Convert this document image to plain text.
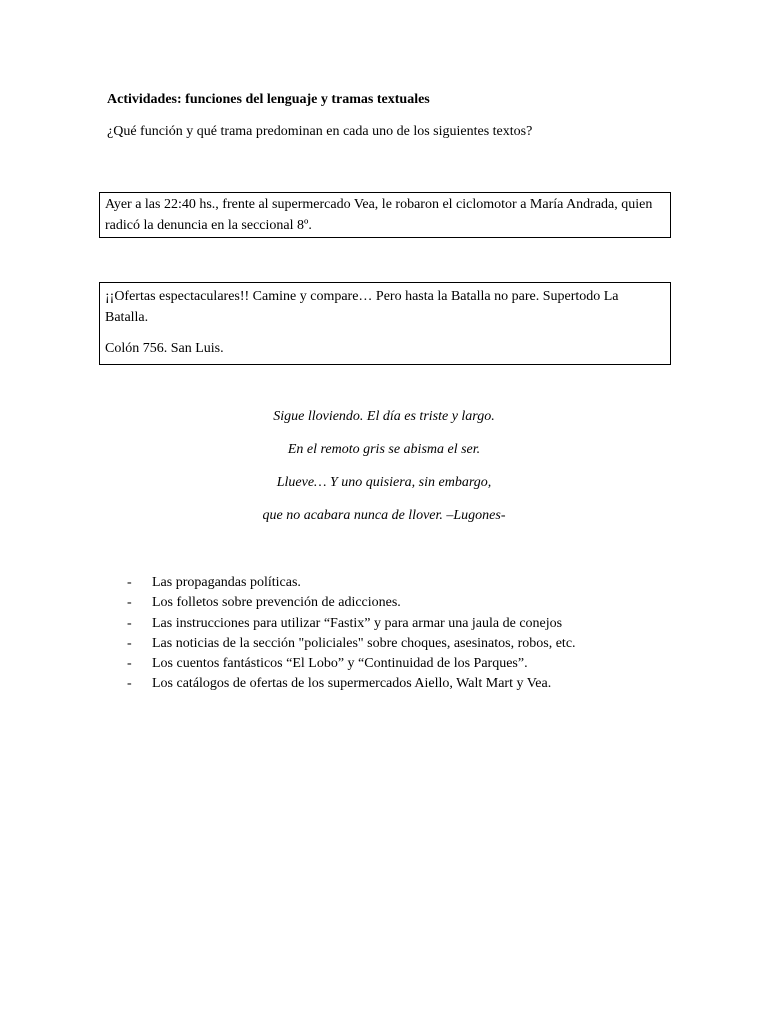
Actividades: funciones del lenguaje y tramas textuales

¿Qué función y qué trama predominan en cada uno de los siguientes textos?

Ayer a las 22:40 hs., frente al supermercado Vea, le robaron el ciclomotor a María Andrada, quien radicó la denuncia en la seccional 8º.

¡¡Ofertas espectaculares!! Camine y compare… Pero hasta la Batalla no pare. Supertodo La Batalla.

Colón 756. San Luis.

Sigue lloviendo. El día es triste y largo.

En el remoto gris se abisma el ser.

Llueve… Y uno quisiera, sin embargo,

que no acabara nunca de llover. –Lugones-

- Las propagandas políticas.
- Los folletos sobre prevención de adicciones.
- Las instrucciones para utilizar “Fastix” y para armar una jaula de conejos
- Las noticias de la sección "policiales" sobre choques, asesinatos, robos, etc.
- Los cuentos fantásticos “El Lobo” y “Continuidad de los Parques”.
- Los catálogos de ofertas de los supermercados Aiello, Walt Mart y Vea.
